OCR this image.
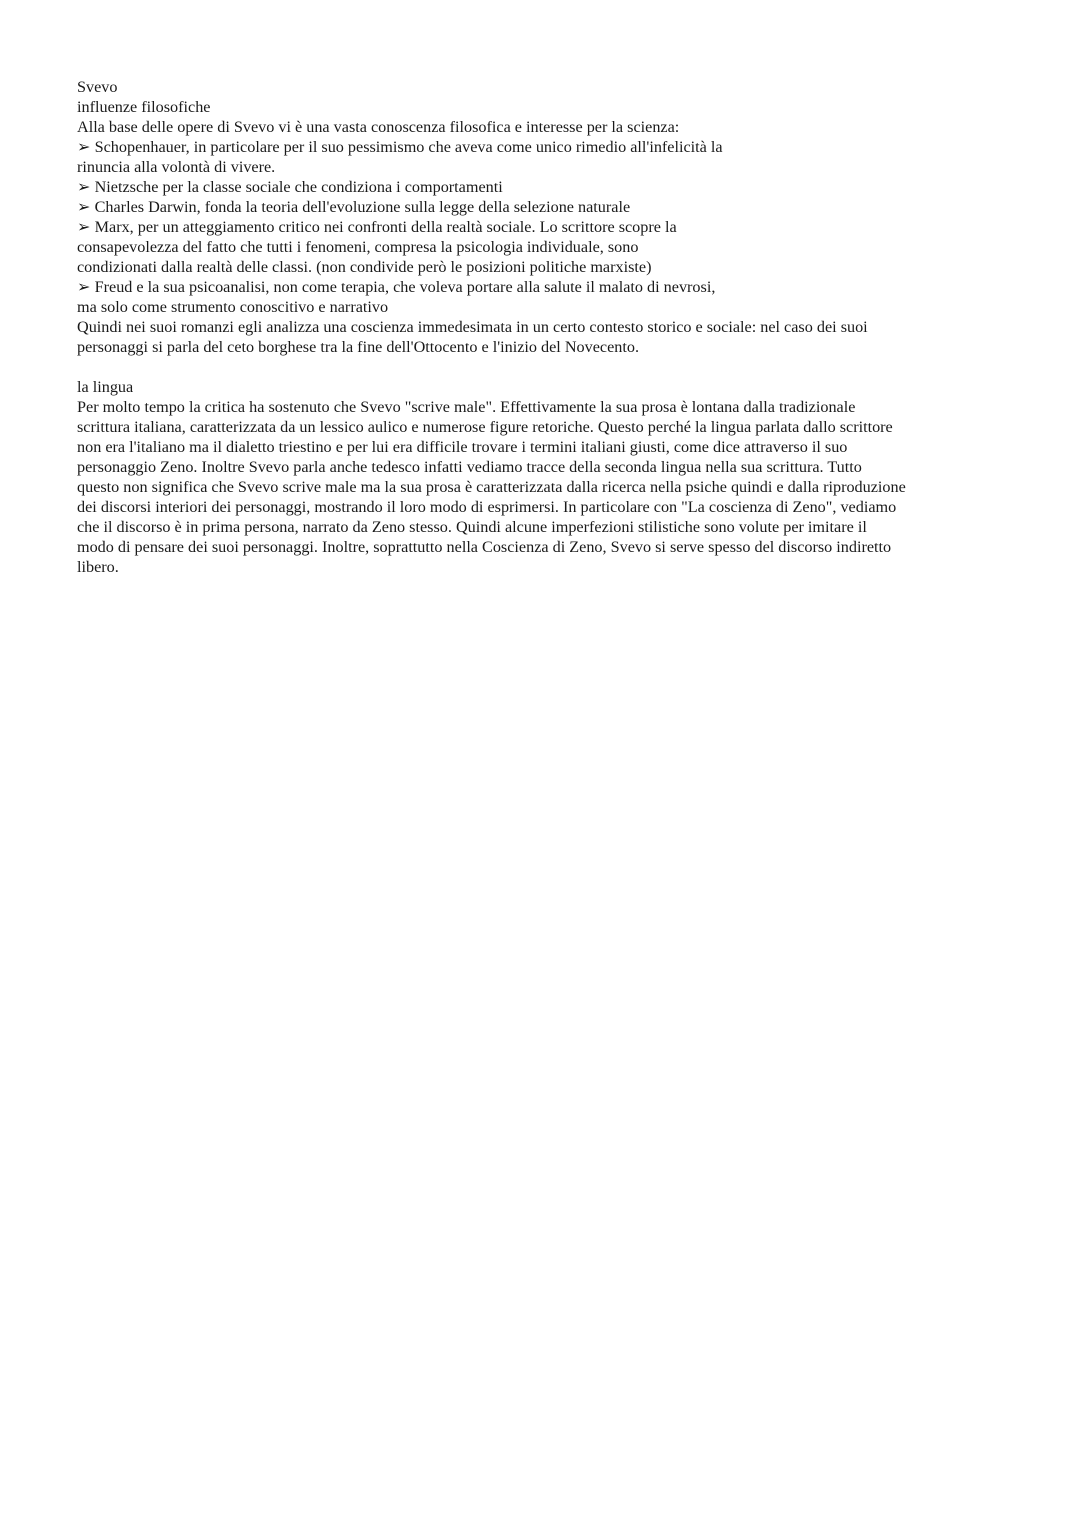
Svevo
influenze filosofiche
Alla base delle opere di Svevo vi è una vasta conoscenza filosofica e interesse per la scienza:
➢ Schopenhauer, in particolare per il suo pessimismo che aveva come unico rimedio all'infelicità la
rinuncia alla volontà di vivere.
➢ Nietzsche per la classe sociale che condiziona i comportamenti
➢ Charles Darwin, fonda la teoria dell'evoluzione sulla legge della selezione naturale
➢ Marx, per un atteggiamento critico nei confronti della realtà sociale. Lo scrittore scopre la
consapevolezza del fatto che tutti i fenomeni, compresa la psicologia individuale, sono
condizionati dalla realtà delle classi. (non condivide però le posizioni politiche marxiste)
➢ Freud e la sua psicoanalisi, non come terapia, che voleva portare alla salute il malato di nevrosi,
ma solo come strumento conoscitivo e narrativo
Quindi nei suoi romanzi egli analizza una coscienza immedesimata in un certo contesto storico e sociale: nel caso dei suoi
personaggi si parla del ceto borghese tra la fine dell'Ottocento e l'inizio del Novecento.
la lingua
Per molto tempo la critica ha sostenuto che Svevo "scrive male". Effettivamente la sua prosa è lontana dalla tradizionale
scrittura italiana, caratterizzata da un lessico aulico e numerose figure retoriche. Questo perché la lingua parlata dallo scrittore
non era l'italiano ma il dialetto triestino e per lui era difficile trovare i termini italiani giusti, come dice attraverso il suo
personaggio Zeno. Inoltre Svevo parla anche tedesco infatti vediamo tracce della seconda lingua nella sua scrittura. Tutto
questo non significa che Svevo scrive male ma la sua prosa è caratterizzata dalla ricerca nella psiche quindi e dalla riproduzione
dei discorsi interiori dei personaggi, mostrando il loro modo di esprimersi. In particolare con "La coscienza di Zeno", vediamo
che il discorso è in prima persona, narrato da Zeno stesso. Quindi alcune imperfezioni stilistiche sono volute per imitare il
modo di pensare dei suoi personaggi. Inoltre, soprattutto nella Coscienza di Zeno, Svevo si serve spesso del discorso indiretto
libero.
